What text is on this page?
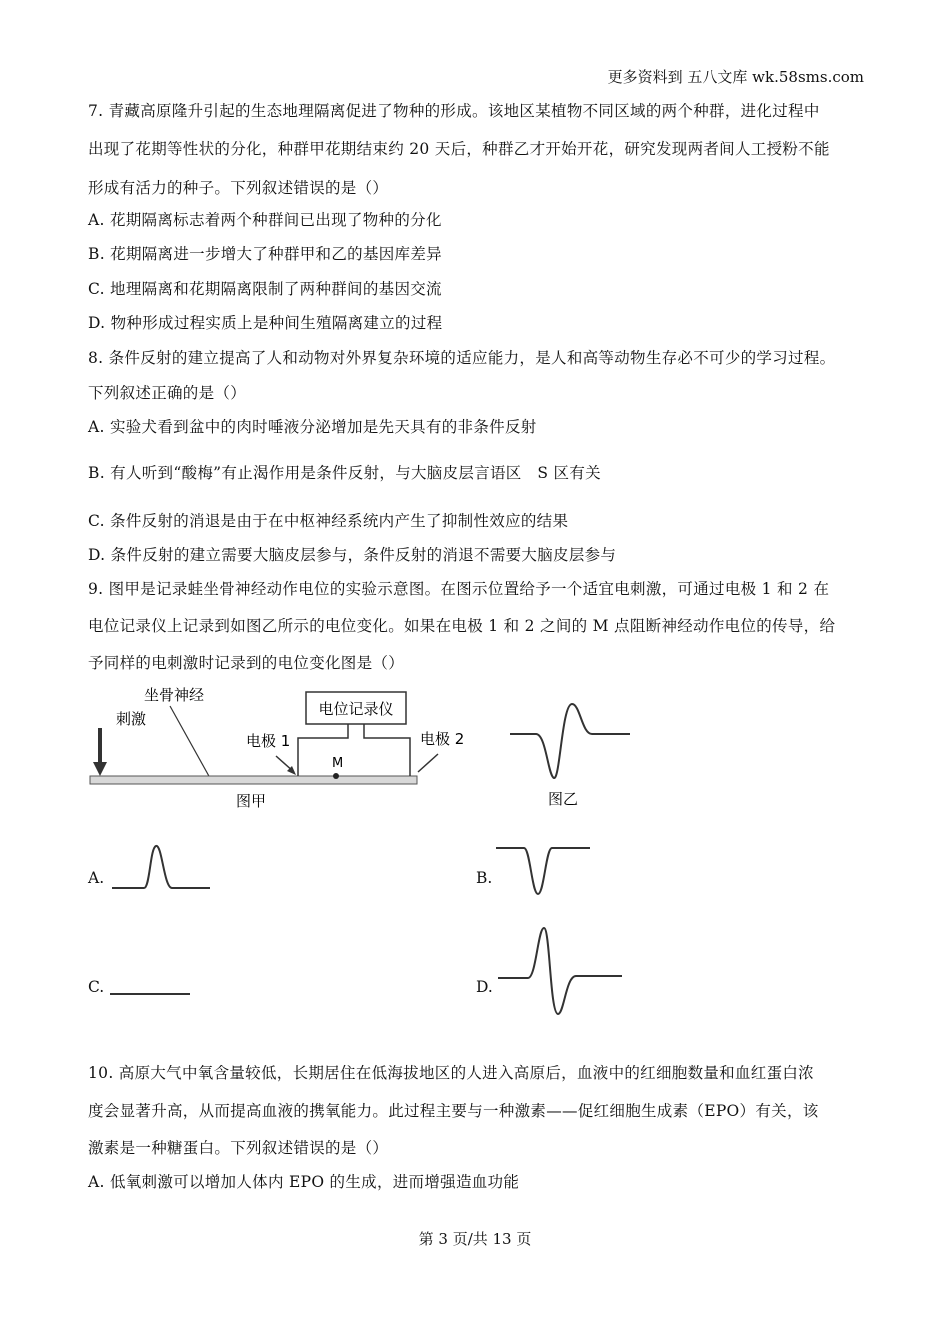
更多资料到 五八文库 wk.58sms.com
7. 青藏高原隆升引起的生态地理隔离促进了物种的形成。该地区某植物不同区域的两个种群，进化过程中
出现了花期等性状的分化，种群甲花期结束约 20 天后，种群乙才开始开花，研究发现两者间人工授粉不能
形成有活力的种子。下列叙述错误的是（）
A. 花期隔离标志着两个种群间已出现了物种的分化
B. 花期隔离进一步增大了种群甲和乙的基因库差异
C. 地理隔离和花期隔离限制了两种群间的基因交流
D. 物种形成过程实质上是种间生殖隔离建立的过程
8. 条件反射的建立提高了人和动物对外界复杂环境的适应能力，是人和高等动物生存必不可少的学习过程。
下列叙述正确的是（）
A. 实验犬看到盆中的肉时唾液分泌增加是先天具有的非条件反射
B. 有人听到“酸梅”有止渴作用是条件反射，与大脑皮层言语区　S 区有关
C. 条件反射的消退是由于在中枢神经系统内产生了抑制性效应的结果
D. 条件反射的建立需要大脑皮层参与，条件反射的消退不需要大脑皮层参与
9. 图甲是记录蛙坐骨神经动作电位的实验示意图。在图示位置给予一个适宜电刺激，可通过电极 1 和 2 在
电位记录仪上记录到如图乙所示的电位变化。如果在电极 1 和 2 之间的 M 点阻断神经动作电位的传导，给
予同样的电刺激时记录到的电位变化图是（）
坐骨神经
刺激
电位记录仪
电极 1	电极 2
M
图甲	图乙
A.	B.
C.	D.
10. 高原大气中氧含量较低，长期居住在低海拔地区的人进入高原后，血液中的红细胞数量和血红蛋白浓
度会显著升高，从而提高血液的携氧能力。此过程主要与一种激素——促红细胞生成素（EPO）有关，该
激素是一种糖蛋白。下列叙述错误的是（）
A. 低氧刺激可以增加人体内 EPO 的生成，进而增强造血功能
第 3 页/共 13 页
